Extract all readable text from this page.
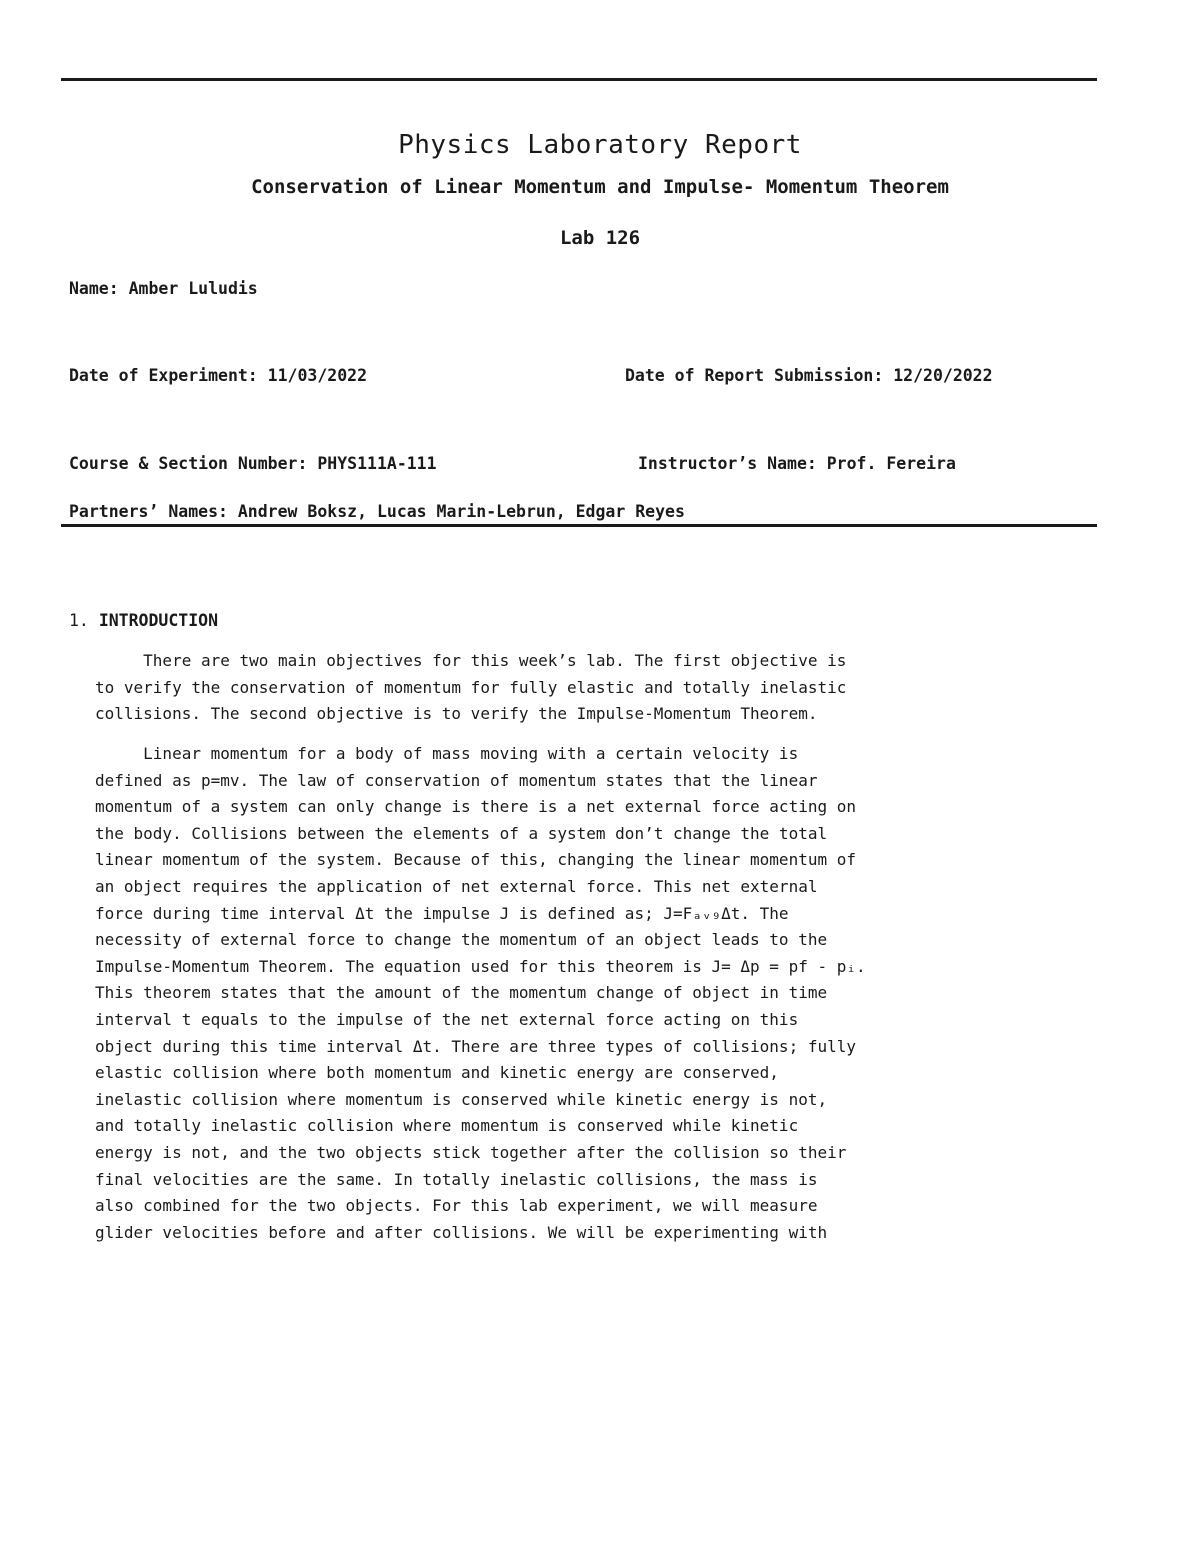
Physics Laboratory Report
Conservation of Linear Momentum and Impulse- Momentum Theorem
Lab 126
Name: Amber Luludis
Date of Experiment: 11/03/2022	Date of Report Submission: 12/20/2022
Course & Section Number: PHYS111A-111	Instructor’s Name: Prof. Fereira
Partners’ Names: Andrew Boksz, Lucas Marin-Lebrun, Edgar Reyes
1. INTRODUCTION
There are two main objectives for this week’s lab. The first objective is
to verify the conservation of momentum for fully elastic and totally inelastic
collisions. The second objective is to verify the Impulse-Momentum Theorem.
Linear momentum for a body of mass moving with a certain velocity is
defined as p=mv. The law of conservation of momentum states that the linear
momentum of a system can only change is there is a net external force acting on
the body. Collisions between the elements of a system don’t change the total
linear momentum of the system. Because of this, changing the linear momentum of
an object requires the application of net external force. This net external
force during time interval Δt the impulse J is defined as; J=Fₐᵥ₉Δt. The
necessity of external force to change the momentum of an object leads to the
Impulse-Momentum Theorem. The equation used for this theorem is J= Δp = pf - pᵢ.
This theorem states that the amount of the momentum change of object in time
interval t equals to the impulse of the net external force acting on this
object during this time interval Δt. There are three types of collisions; fully
elastic collision where both momentum and kinetic energy are conserved,
inelastic collision where momentum is conserved while kinetic energy is not,
and totally inelastic collision where momentum is conserved while kinetic
energy is not, and the two objects stick together after the collision so their
final velocities are the same. In totally inelastic collisions, the mass is
also combined for the two objects. For this lab experiment, we will measure
glider velocities before and after collisions. We will be experimenting with
